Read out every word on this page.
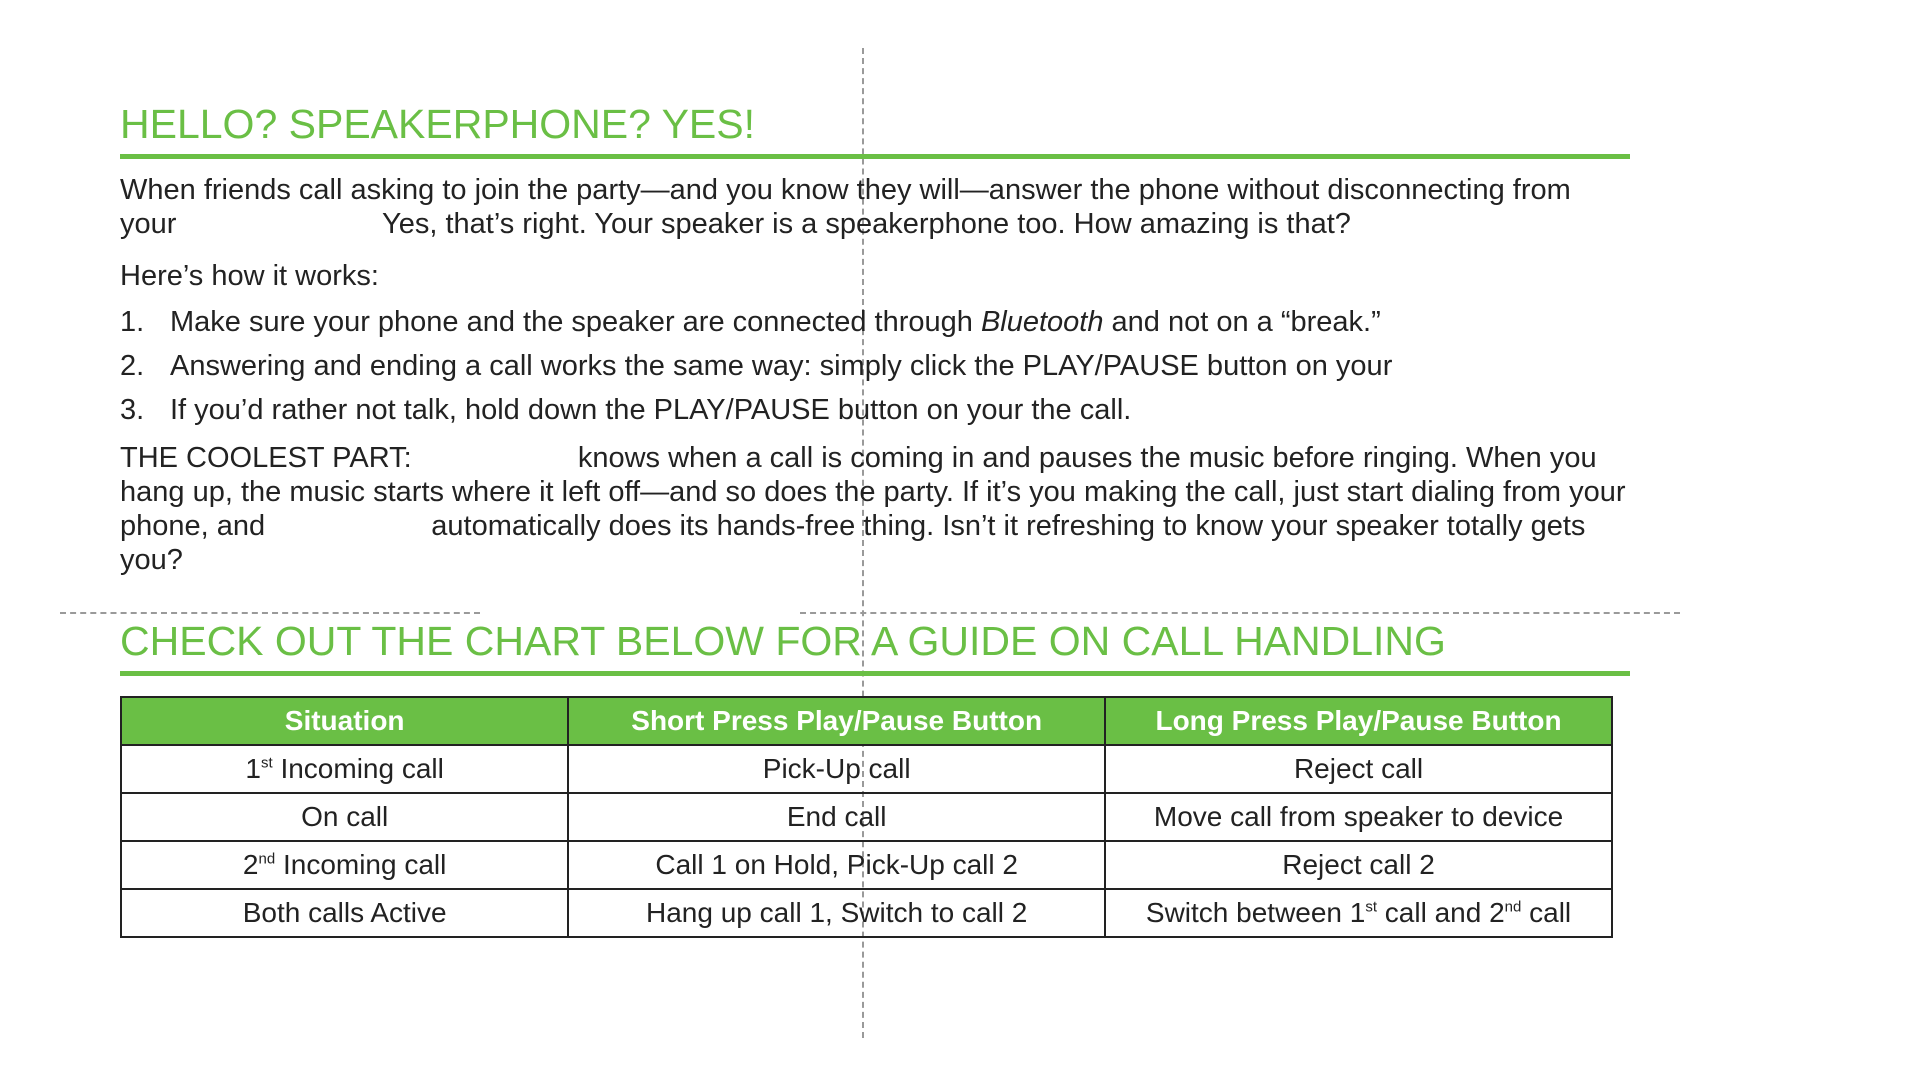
HELLO? SPEAKERPHONE? YES!

When friends call asking to join the party—and you know they will—answer the phone without disconnecting from your	Yes, that’s right. Your speaker is a speakerphone too. How amazing is that?

Here’s how it works:

1. Make sure your phone and the speaker are connected through Bluetooth and not on a “break.”
2. Answering and ending a call works the same way: simply click the PLAY/PAUSE button on your
3. If you’d rather not talk, hold down the PLAY/PAUSE button on your the call.

THE COOLEST PART:	knows when a call is coming in and pauses the music before ringing. When you hang up, the music starts where it left off—and so does the party. If it’s you making the call, just start dialing from your phone, and	automatically does its hands-free thing. Isn’t it refreshing to know your speaker totally gets you?

CHECK OUT THE CHART BELOW FOR A GUIDE ON CALL HANDLING
Situation	Short Press Play/Pause Button	Long Press Play/Pause Button
1st Incoming call	Pick-Up call	Reject call
On call	End call	Move call from speaker to device
2nd Incoming call	Call 1 on Hold, Pick-Up call 2	Reject call 2
Both calls Active	Hang up call 1, Switch to call 2	Switch between 1st call and 2nd call
